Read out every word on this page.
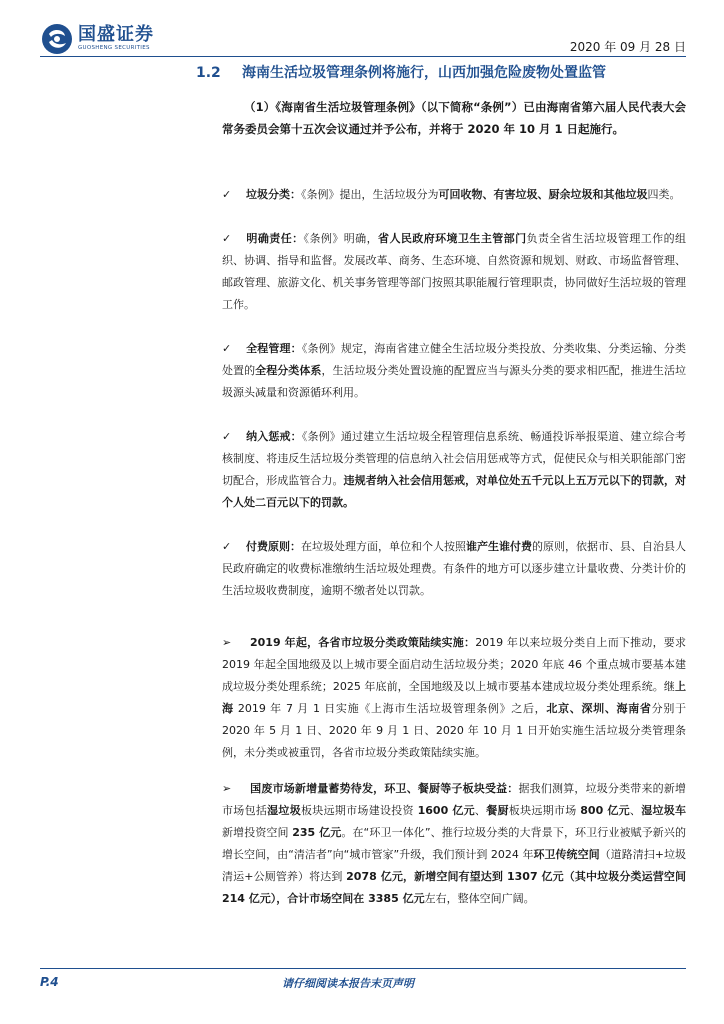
国盛证券
GUOSHENG SECURITIES	2020 年 09 月 28 日
1.2 海南生活垃圾管理条例将施行，山西加强危险废物处置监管

（1）《海南省生活垃圾管理条例》（以下简称“条例”）已由海南省第六届人民代表大会常务委员会第十五次会议通过并予公布，并将于 2020 年 10 月 1 日起施行。

✓ 垃圾分类：《条例》提出，生活垃圾分为可回收物、有害垃圾、厨余垃圾和其他垃圾四类。

✓ 明确责任：《条例》明确，省人民政府环境卫生主管部门负责全省生活垃圾管理工作的组织、协调、指导和监督。发展改革、商务、生态环境、自然资源和规划、财政、市场监督管理、邮政管理、旅游文化、机关事务管理等部门按照其职能履行管理职责，协同做好生活垃圾的管理工作。

✓ 全程管理：《条例》规定，海南省建立健全生活垃圾分类投放、分类收集、分类运输、分类处置的全程分类体系，生活垃圾分类处置设施的配置应当与源头分类的要求相匹配，推进生活垃圾源头减量和资源循环利用。

✓ 纳入惩戒：《条例》通过建立生活垃圾全程管理信息系统、畅通投诉举报渠道、建立综合考核制度、将违反生活垃圾分类管理的信息纳入社会信用惩戒等方式，促使民众与相关职能部门密切配合，形成监管合力。违规者纳入社会信用惩戒，对单位处五千元以上五万元以下的罚款，对个人处二百元以下的罚款。

✓ 付费原则：在垃圾处理方面，单位和个人按照谁产生谁付费的原则，依据市、县、自治县人民政府确定的收费标准缴纳生活垃圾处理费。有条件的地方可以逐步建立计量收费、分类计价的生活垃圾收费制度，逾期不缴者处以罚款。

➢ 2019 年起，各省市垃圾分类政策陆续实施：2019 年以来垃圾分类自上而下推动，要求 2019 年起全国地级及以上城市要全面启动生活垃圾分类；2020 年底 46 个重点城市要基本建成垃圾分类处理系统；2025 年底前，全国地级及以上城市要基本建成垃圾分类处理系统。继上海 2019 年 7 月 1 日实施《上海市生活垃圾管理条例》之后，北京、深圳、海南省分别于 2020 年 5 月 1 日、2020 年 9 月 1 日、2020 年 10 月 1 日开始实施生活垃圾分类管理条例，未分类或被重罚，各省市垃圾分类政策陆续实施。

➢ 国废市场新增量蓄势待发，环卫、餐厨等子板块受益：据我们测算，垃圾分类带来的新增市场包括湿垃圾板块远期市场建设投资 1600 亿元、餐厨板块远期市场 800 亿元、湿垃圾车新增投资空间 235 亿元。在“环卫一体化”、推行垃圾分类的大背景下，环卫行业被赋予新兴的增长空间，由“清洁者”向“城市管家”升级，我们预计到 2024 年环卫传统空间（道路清扫+垃圾清运+公厕管养）将达到 2078 亿元，新增空间有望达到 1307 亿元（其中垃圾分类运营空间 214 亿元），合计市场空间在 3385 亿元左右，整体空间广阔。

P.4	请仔细阅读本报告末页声明
